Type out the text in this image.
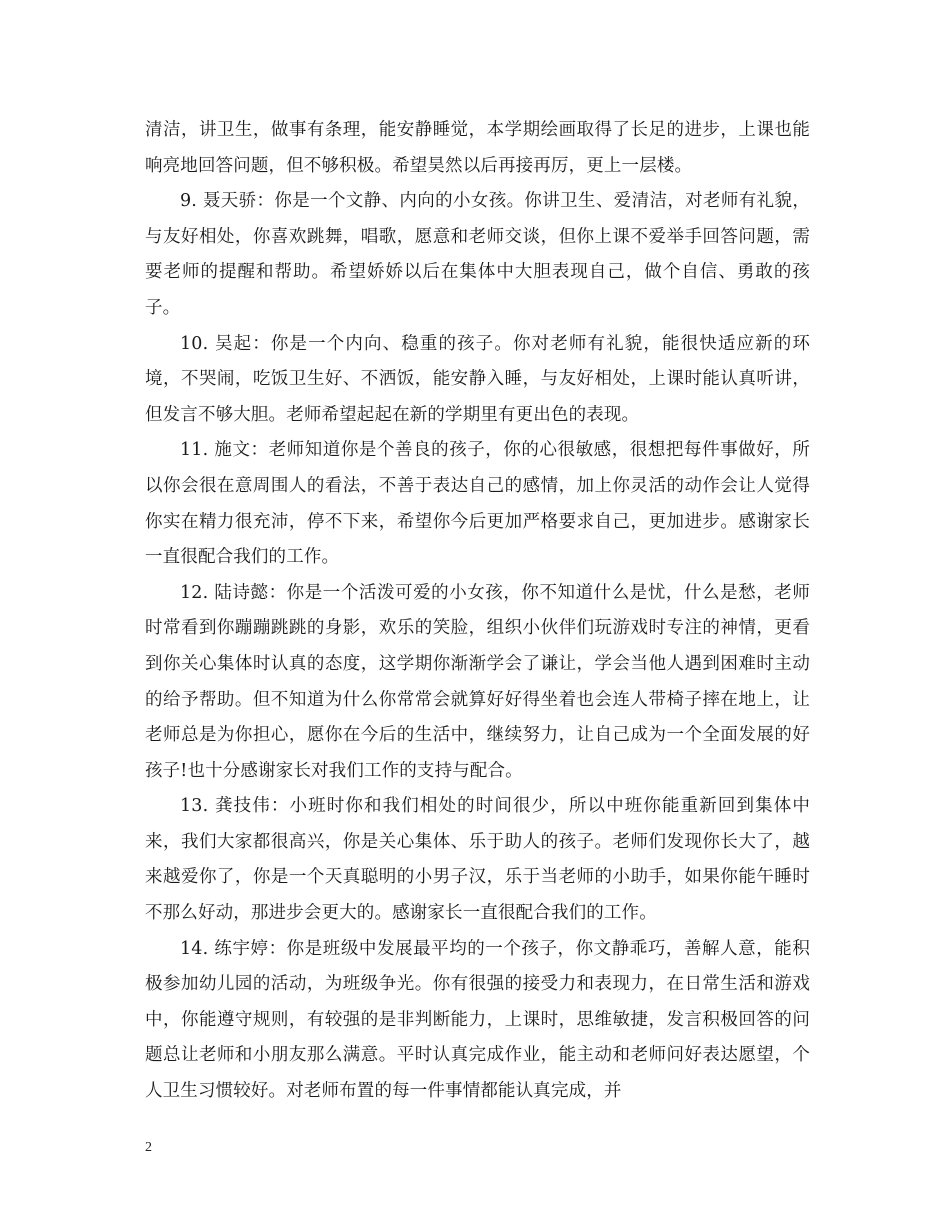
清洁，讲卫生，做事有条理，能安静睡觉，本学期绘画取得了长足的进步，上课也能响亮地回答问题，但不够积极。希望昊然以后再接再厉，更上一层楼。

9. 聂天骄：你是一个文静、内向的小女孩。你讲卫生、爱清洁，对老师有礼貌，与友好相处，你喜欢跳舞，唱歌，愿意和老师交谈，但你上课不爱举手回答问题，需要老师的提醒和帮助。希望娇娇以后在集体中大胆表现自己，做个自信、勇敢的孩子。

10. 吴起：你是一个内向、稳重的孩子。你对老师有礼貌，能很快适应新的环境，不哭闹，吃饭卫生好、不洒饭，能安静入睡，与友好相处，上课时能认真听讲，但发言不够大胆。老师希望起起在新的学期里有更出色的表现。

11. 施文：老师知道你是个善良的孩子，你的心很敏感，很想把每件事做好，所以你会很在意周围人的看法，不善于表达自己的感情，加上你灵活的动作会让人觉得你实在精力很充沛，停不下来，希望你今后更加严格要求自己，更加进步。感谢家长一直很配合我们的工作。

12. 陆诗懿：你是一个活泼可爱的小女孩，你不知道什么是忧，什么是愁，老师时常看到你蹦蹦跳跳的身影，欢乐的笑脸，组织小伙伴们玩游戏时专注的神情，更看到你关心集体时认真的态度，这学期你渐渐学会了谦让，学会当他人遇到困难时主动的给予帮助。但不知道为什么你常常会就算好好得坐着也会连人带椅子摔在地上，让老师总是为你担心，愿你在今后的生活中，继续努力，让自己成为一个全面发展的好孩子!也十分感谢家长对我们工作的支持与配合。

13. 龚技伟：小班时你和我们相处的时间很少，所以中班你能重新回到集体中来，我们大家都很高兴，你是关心集体、乐于助人的孩子。老师们发现你长大了，越来越爱你了，你是一个天真聪明的小男子汉，乐于当老师的小助手，如果你能午睡时不那么好动，那进步会更大的。感谢家长一直很配合我们的工作。

14. 练宇婷：你是班级中发展最平均的一个孩子，你文静乖巧，善解人意，能积极参加幼儿园的活动，为班级争光。你有很强的接受力和表现力，在日常生活和游戏中，你能遵守规则，有较强的是非判断能力，上课时，思维敏捷，发言积极回答的问题总让老师和小朋友那么满意。平时认真完成作业，能主动和老师问好表达愿望，个人卫生习惯较好。对老师布置的每一件事情都能认真完成，并

2
